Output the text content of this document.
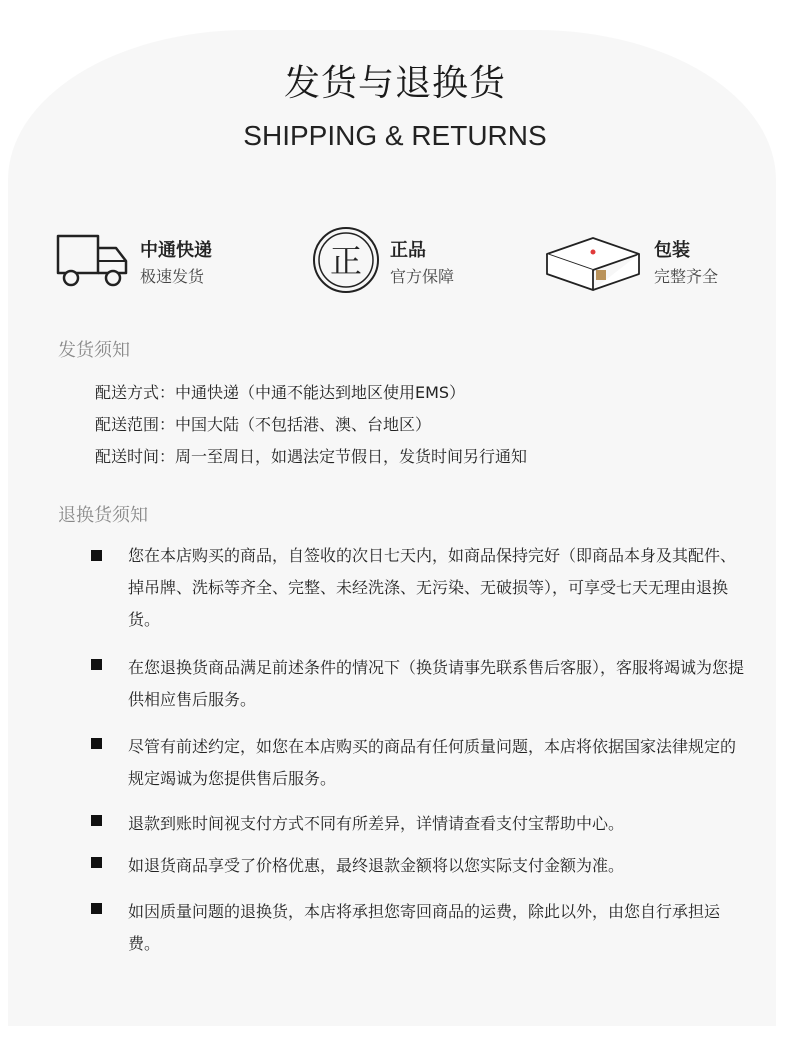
发货与退换货
SHIPPING & RETURNS
中通快递
极速发货	正 正品
官方保障
包装
完整齐全
发货须知
配送方式：中通快递（中通不能达到地区使用EMS）
配送范围：中国大陆（不包括港、澳、台地区）
配送时间：周一至周日，如遇法定节假日，发货时间另行通知
退换货须知
您在本店购买的商品，自签收的次日七天内，如商品保持完好（即商品本身及其配件、掉吊牌、洗标等齐全、完整、未经洗涤、无污染、无破损等），可享受七天无理由退换货。
在您退换货商品满足前述条件的情况下（换货请事先联系售后客服），客服将竭诚为您提供相应售后服务。
尽管有前述约定，如您在本店购买的商品有任何质量问题，本店将依据国家法律规定的规定竭诚为您提供售后服务。
退款到账时间视支付方式不同有所差异，详情请查看支付宝帮助中心。
如退货商品享受了价格优惠，最终退款金额将以您实际支付金额为准。
如因质量问题的退换货，本店将承担您寄回商品的运费，除此以外，由您自行承担运费。
